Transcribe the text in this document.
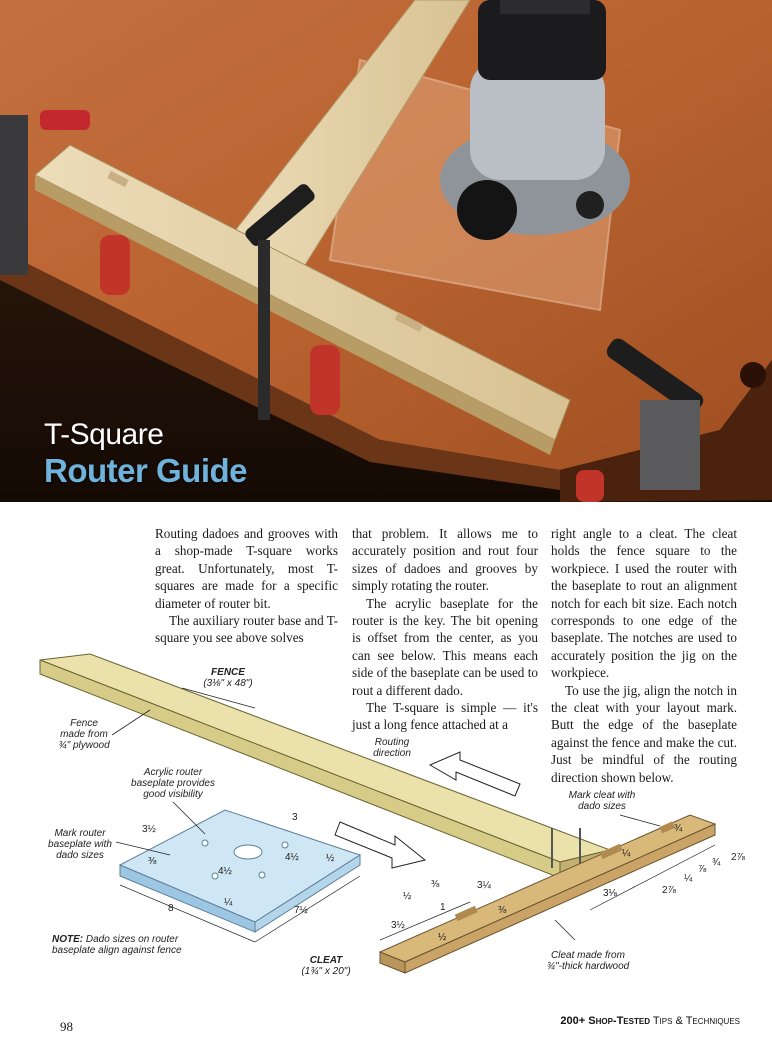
T-Square
Router Guide

Routing dadoes and grooves with a shop-made T-square works great. Unfortunately, most T-squares are made for a specific diameter of router bit.

The auxiliary router base and T-square you see above solves

that problem. It allows me to accurately position and rout four sizes of dadoes and grooves by simply rotating the router.

The acrylic baseplate for the router is the key. The bit opening is offset from the center, as you can see below. This means each side of the baseplate can be used to rout a different dado.

The T-square is simple — it's just a long fence attached at a

right angle to a cleat. The cleat holds the fence square to the workpiece. I used the router with the baseplate to rout an alignment notch for each bit size. Each notch corresponds to one edge of the baseplate. The notches are used to accurately position the jig on the workpiece.

To use the jig, align the notch in the cleat with your layout mark. Butt the edge of the baseplate against the fence and make the cut. Just be mindful of the routing direction shown below.

FENCE
(3⅛" x 48")
Fence
made from
¾" plywood	Routing
direction
Acrylic router
baseplate provides
good visibility
Mark router
baseplate with
dado sizes
Mark cleat with
dado sizes
CLEAT
(1¾" x 20")
Cleat made from
¾"-thick hardwood
3½
3
4½
4½
8	7½
⅜	½
¼
⅜	3¼
½
1
3½
3⅛	2⅞
¼
⅞
¾ 2⅞
½
⅜
¼
¾
NOTE: Dado sizes on router baseplate align against fence
98	200+ Shop-Tested Tips & Techniques
